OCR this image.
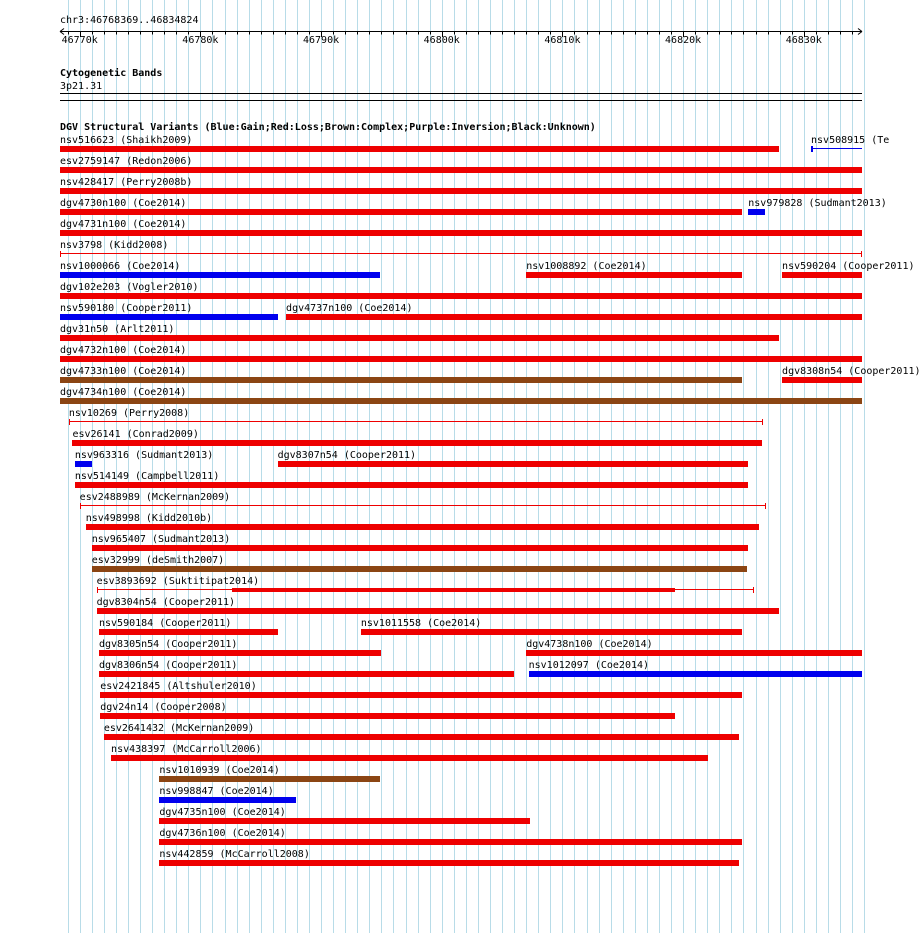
chr3:46768369..46834824
Cytogenetic Bands
3p21.31
DGV Structural Variants (Blue:Gain;Red:Loss;Brown:Complex;Purple:Inversion;Black:Unknown)
nsv516623 (Shaikh2009)	nsv508915 (Te
esv2759147 (Redon2006)
nsv428417 (Perry2008b)
dgv4730n100 (Coe2014)	nsv979828 (Sudmant2013)
dgv4731n100 (Coe2014)
nsv3798 (Kidd2008)
nsv1000066 (Coe2014)	nsv1008892 (Coe2014)	nsv590204 (Cooper2011)
dgv102e203 (Vogler2010)
nsv590180 (Cooper2011)	dgv4737n100 (Coe2014)
dgv31n50 (Arlt2011)
dgv4732n100 (Coe2014)
dgv4733n100 (Coe2014)	dgv8308n54 (Cooper2011)
dgv4734n100 (Coe2014)
nsv10269 (Perry2008)
esv26141 (Conrad2009)
nsv963316 (Sudmant2013)	dgv8307n54 (Cooper2011)
nsv514149 (Campbell2011)
esv2488989 (McKernan2009)
nsv498998 (Kidd2010b)
nsv965407 (Sudmant2013)
esv32999 (deSmith2007)
esv3893692 (Suktitipat2014)
dgv8304n54 (Cooper2011)
nsv590184 (Cooper2011)	nsv1011558 (Coe2014)
dgv8305n54 (Cooper2011)	dgv4738n100 (Coe2014)
dgv8306n54 (Cooper2011)	nsv1012097 (Coe2014)
esv2421845 (Altshuler2010)
dgv24n14 (Cooper2008)
esv2641432 (McKernan2009)
nsv438397 (McCarroll2006)
nsv1010939 (Coe2014)
nsv998847 (Coe2014)
dgv4735n100 (Coe2014)
dgv4736n100 (Coe2014)
nsv442859 (McCarroll2008)
46770k	46780k	46790k	46800k	46810k	46820k	46830k
